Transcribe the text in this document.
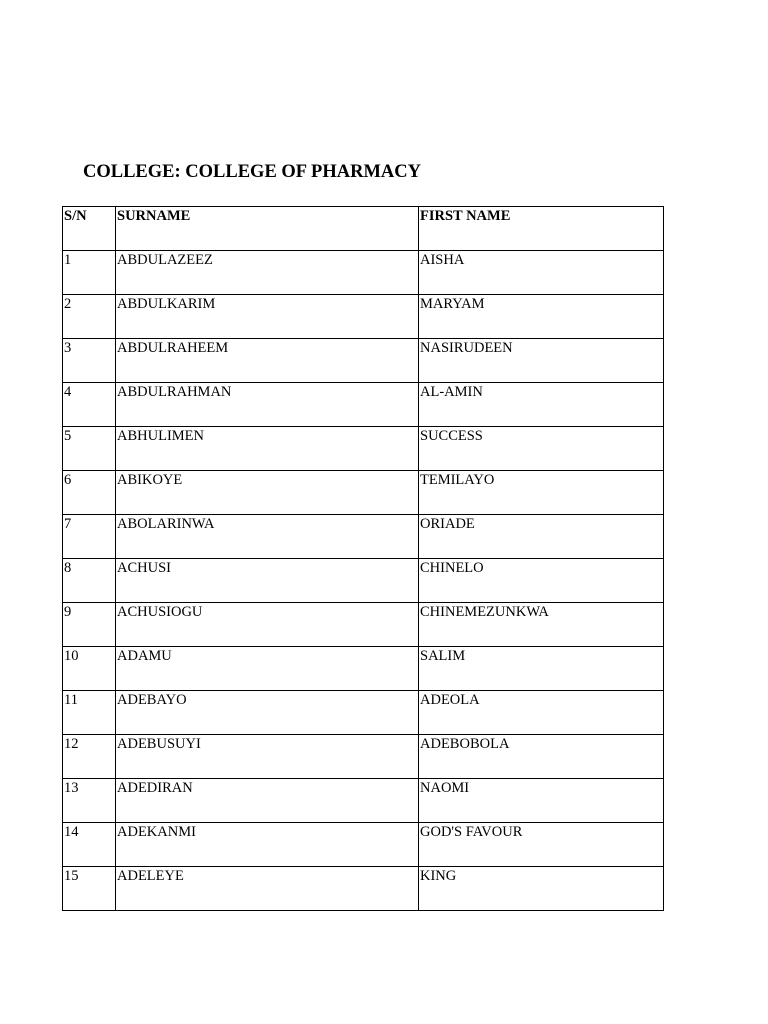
COLLEGE: COLLEGE OF PHARMACY
S/N	SURNAME	FIRST NAME
1	ABDULAZEEZ	AISHA
2	ABDULKARIM	MARYAM
3	ABDULRAHEEM	NASIRUDEEN
4	ABDULRAHMAN	AL-AMIN
5	ABHULIMEN	SUCCESS
6	ABIKOYE	TEMILAYO
7	ABOLARINWA	ORIADE
8	ACHUSI	CHINELO
9	ACHUSIOGU	CHINEMEZUNKWA
10	ADAMU	SALIM
11	ADEBAYO	ADEOLA
12	ADEBUSUYI	ADEBOBOLA
13	ADEDIRAN	NAOMI
14	ADEKANMI	GOD'S FAVOUR
15	ADELEYE	KING
